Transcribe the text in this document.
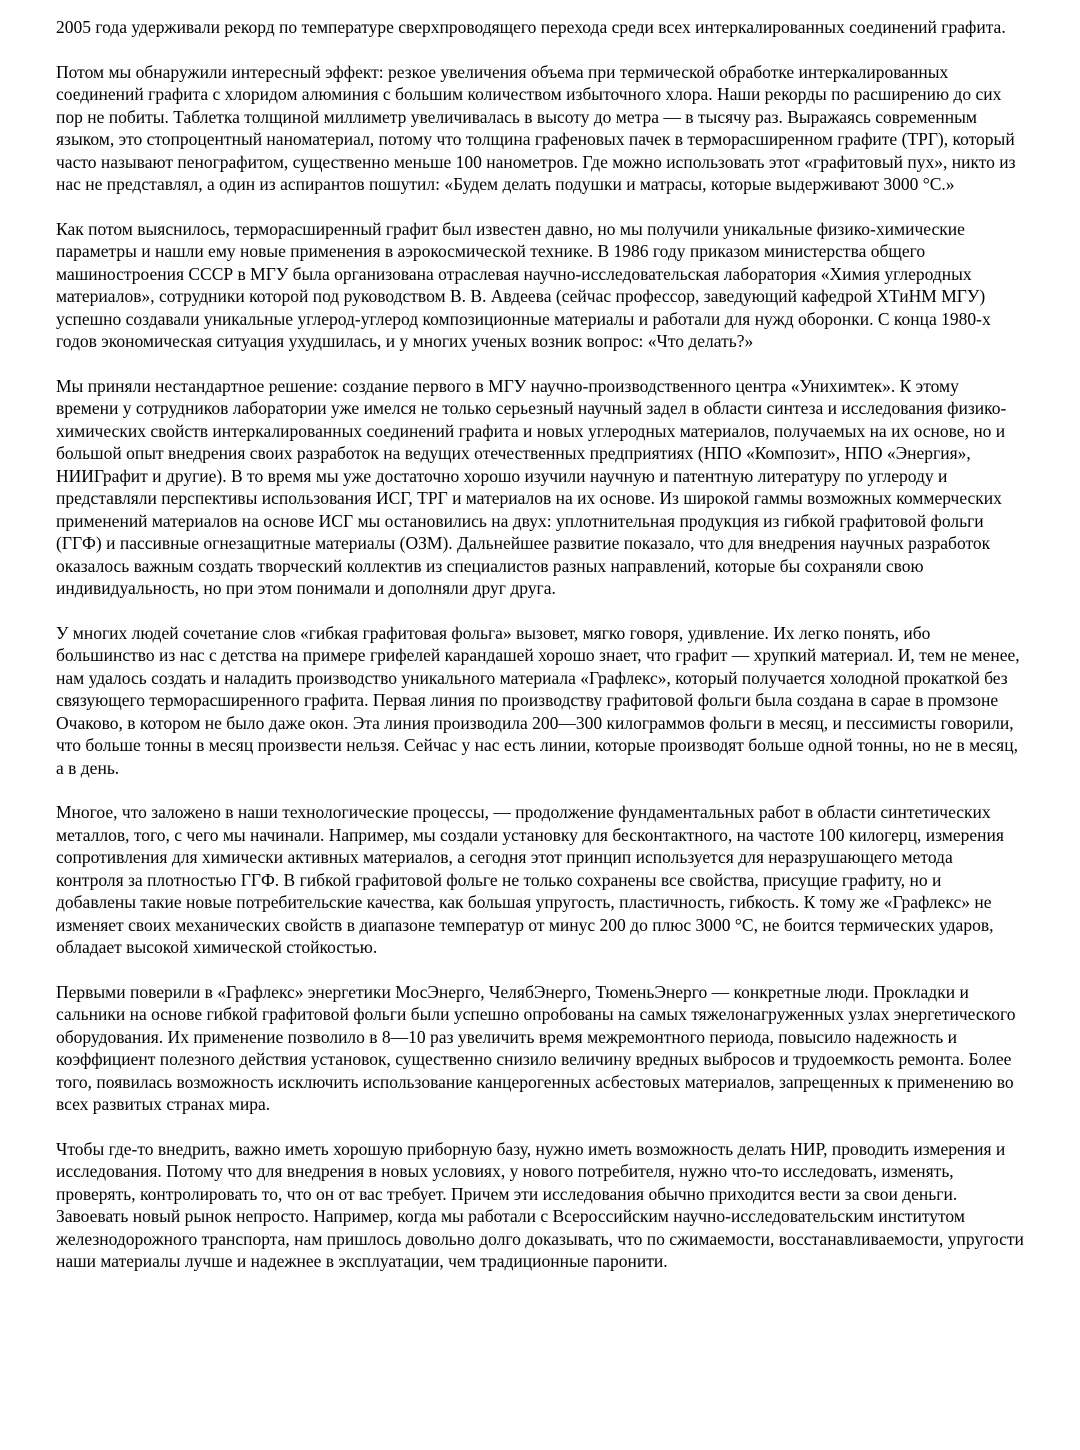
2005 года удерживали рекорд по температуре сверхпроводящего перехода среди всех интеркалированных соединений графита.

Потом мы обнаружили интересный эффект: резкое увеличения объема при термической обработке интеркалированных соединений графита с хлоридом алюминия с большим количеством избыточного хлора. Наши рекорды по расширению до сих пор не побиты. Таблетка толщиной миллиметр увеличивалась в высоту до метра — в тысячу раз. Выражаясь современным языком, это стопроцентный наноматериал, потому что толщина графеновых пачек в терморасширенном графите (ТРГ), который часто называют пенографитом, существенно меньше 100 нанометров. Где можно использовать этот «графитовый пух», никто из нас не представлял, а один из аспирантов пошутил: «Будем делать подушки и матрасы, которые выдерживают 3000 °С.»

Как потом выяснилось, терморасширенный графит был известен давно, но мы получили уникальные физико-химические параметры и нашли ему новые применения в аэрокосмической технике. В 1986 году приказом министерства общего машиностроения СССР в МГУ была организована отраслевая научно-исследовательская лаборатория «Химия углеродных материалов», сотрудники которой под руководством В. В. Авдеева (сейчас профессор, заведующий кафедрой ХТиНМ МГУ) успешно создавали уникальные углерод-углерод композиционные материалы и работали для нужд оборонки. С конца 1980-х годов экономическая ситуация ухудшилась, и у многих ученых возник вопрос: «Что делать?»

Мы приняли нестандартное решение: создание первого в МГУ научно-производственного центра «Унихимтек». К этому времени у сотрудников лаборатории уже имелся не только серьезный научный задел в области синтеза и исследования физико-химических свойств интеркалированных соединений графита и новых углеродных материалов, получаемых на их основе, но и большой опыт внедрения своих разработок на ведущих отечественных предприятиях (НПО «Композит», НПО «Энергия», НИИГрафит и другие). В то время мы уже достаточно хорошо изучили научную и патентную литературу по углероду и представляли перспективы использования ИСГ, ТРГ и материалов на их основе. Из широкой гаммы возможных коммерческих применений материалов на основе ИСГ мы остановились на двух: уплотнительная продукция из гибкой графитовой фольги (ГГФ) и пассивные огнезащитные материалы (ОЗМ). Дальнейшее развитие показало, что для внедрения научных разработок оказалось важным создать творческий коллектив из специалистов разных направлений, которые бы сохраняли свою индивидуальность, но при этом понимали и дополняли друг друга.

У многих людей сочетание слов «гибкая графитовая фольга» вызовет, мягко говоря, удивление. Их легко понять, ибо большинство из нас с детства на примере грифелей карандашей хорошо знает, что графит — хрупкий материал. И, тем не менее, нам удалось создать и наладить производство уникального материала «Графлекс», который получается холодной прокаткой без связующего терморасширенного графита. Первая линия по производству графитовой фольги была создана в сарае в промзоне Очаково, в котором не было даже окон. Эта линия производила 200—300 килограммов фольги в месяц, и пессимисты говорили, что больше тонны в месяц произвести нельзя. Сейчас у нас есть линии, которые производят больше одной тонны, но не в месяц, а в день.

Многое, что заложено в наши технологические процессы, — продолжение фундаментальных работ в области синтетических металлов, того, с чего мы начинали. Например, мы создали установку для бесконтактного, на частоте 100 килогерц, измерения сопротивления для химически активных материалов, а сегодня этот принцип используется для неразрушающего метода контроля за плотностью ГГФ. В гибкой графитовой фольге не только сохранены все свойства, присущие графиту, но и добавлены такие новые потребительские качества, как большая упругость, пластичность, гибкость. К тому же «Графлекс» не изменяет своих механических свойств в диапазоне температур от минус 200 до плюс 3000 °С, не боится термических ударов, обладает высокой химической стойкостью.

Первыми поверили в «Графлекс» энергетики МосЭнерго, ЧелябЭнерго, ТюменьЭнерго — конкретные люди. Прокладки и сальники на основе гибкой графитовой фольги были успешно опробованы на самых тяжелонагруженных узлах энергетического оборудования. Их применение позволило в 8—10 раз увеличить время межремонтного периода, повысило надежность и коэффициент полезного действия установок, существенно снизило величину вредных выбросов и трудоемкость ремонта. Более того, появилась возможность исключить использование канцерогенных асбестовых материалов, запрещенных к применению во всех развитых странах мира.

Чтобы где-то внедрить, важно иметь хорошую приборную базу, нужно иметь возможность делать НИР, проводить измерения и исследования. Потому что для внедрения в новых условиях, у нового потребителя, нужно что-то исследовать, изменять, проверять, контролировать то, что он от вас требует. Причем эти исследования обычно приходится вести за свои деньги. Завоевать новый рынок непросто. Например, когда мы работали с Всероссийским научно-исследовательским институтом железнодорожного транспорта, нам пришлось довольно долго доказывать, что по сжимаемости, восстанавливаемости, упругости наши материалы лучше и надежнее в эксплуатации, чем традиционные паронити.
